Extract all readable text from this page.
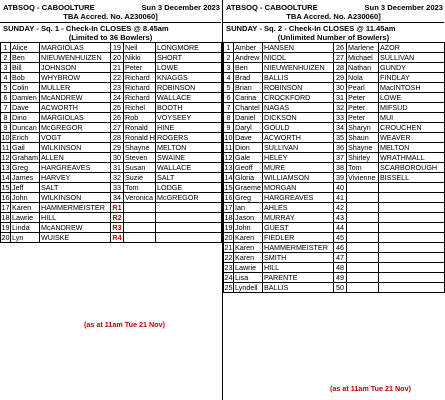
ATBSOQ - CABOOLTURE	Sun 3 December 2023
TBA Accred. No. A230060]
SUNDAY - Sq. 1 - Check-In CLOSES @ 8.45am
(Limited to 36 Bowlers)
1	Alice	MARGIOLAS	19	Neil	LONGMORE
2	Ben	NIEUWENHUIZEN	20	Nikki	SHORT
3	Bill	JOHNSON	21	Peter	LOWE
4	Bob	WHYBROW	22	Richard	KNAGGS
5	Colin	MULLER	23	Richard	ROBINSON
6	Damien	McANDREW	24	Richard	WALLACE
7	Dave	ACWORTH	25	Richel	BOOTH
8	Dino	MARGIOLAS	26	Rob	VOYSEEY
9	Duncan	McGREGOR	27	Ronald	HINE
10	Erich	VOGT	28	Ronald H	ROGERS
11	Gail	WILKINSON	29	Shayne	MELTON
12	Graham	ALLEN	30	Steven	SWAINE
13	Greg	HARGREAVES	31	Susan	WALLACE
14	James	HARVEY	32	Suzie	SALT
15	Jeff	SALT	33	Tom	LODGE
16	John	WILKINSON	34	Veronica	McGREGOR
17	Karen	HAMMERMEISTER	R1		
18	Lawrie	HILL	R2		
19	Linda	McANDREW	R3		
20	Lyn	WUISKE	R4		
(as at 11am Tue 21 Nov)
ATBSOQ - CABOOLTURE	Sun 3 December 2023
TBA Accred. No. A230060]
SUNDAY - Sq. 2 - Check-In CLOSES @ 11.45am
(Unlimited Number of Bowlers)
1	Amber	HANSEN	26	Marlene	AZOR
2	Andrew	NICOL	27	Michael	SULLIVAN
3	Ben	NIEUWENHUIZEN	28	Nathan	GUNDY
4	Brad	BALLIS	29	Nola	FINDLAY
5	Brian	ROBINSON	30	Pearl	MacINTOSH
6	Carina	CROCKFORD	31	Peter	LOWE
7	Chantel	NAGAS	32	Peter	MIFSUD
8	Daniel	DICKSON	33	Peter	MUI
9	Daryl	GOULD	34	Sharyn	CROUCHEN
10	Dave	ACWORTH	35	Shaun	WEAVER
11	Dion	SULLIVAN	36	Shayne	MELTON
12	Gale	HELEY	37	Shirley	WRATHMALL
13	Geoff	MURE	38	Tom	SCARBOROUGH
14	Gloria	WILLIAMSON	39	Vivienne	BISSELL
15	Graeme	MORGAN	40		
16	Greg	HARGREAVES	41		
17	Ian	AHLES	42		
18	Jason	MURRAY	43		
19	John	GUEST	44		
20	Karen	FIEDLER	45		
21	Karen	HAMMERMEISTER	46		
22	Karen	SMITH	47		
23	Lawrie	HILL	48		
24	Lisa	PARENTE	49		
25	Lyndell	BALLIS	50		
(as at 11am Tue 21 Nov)
